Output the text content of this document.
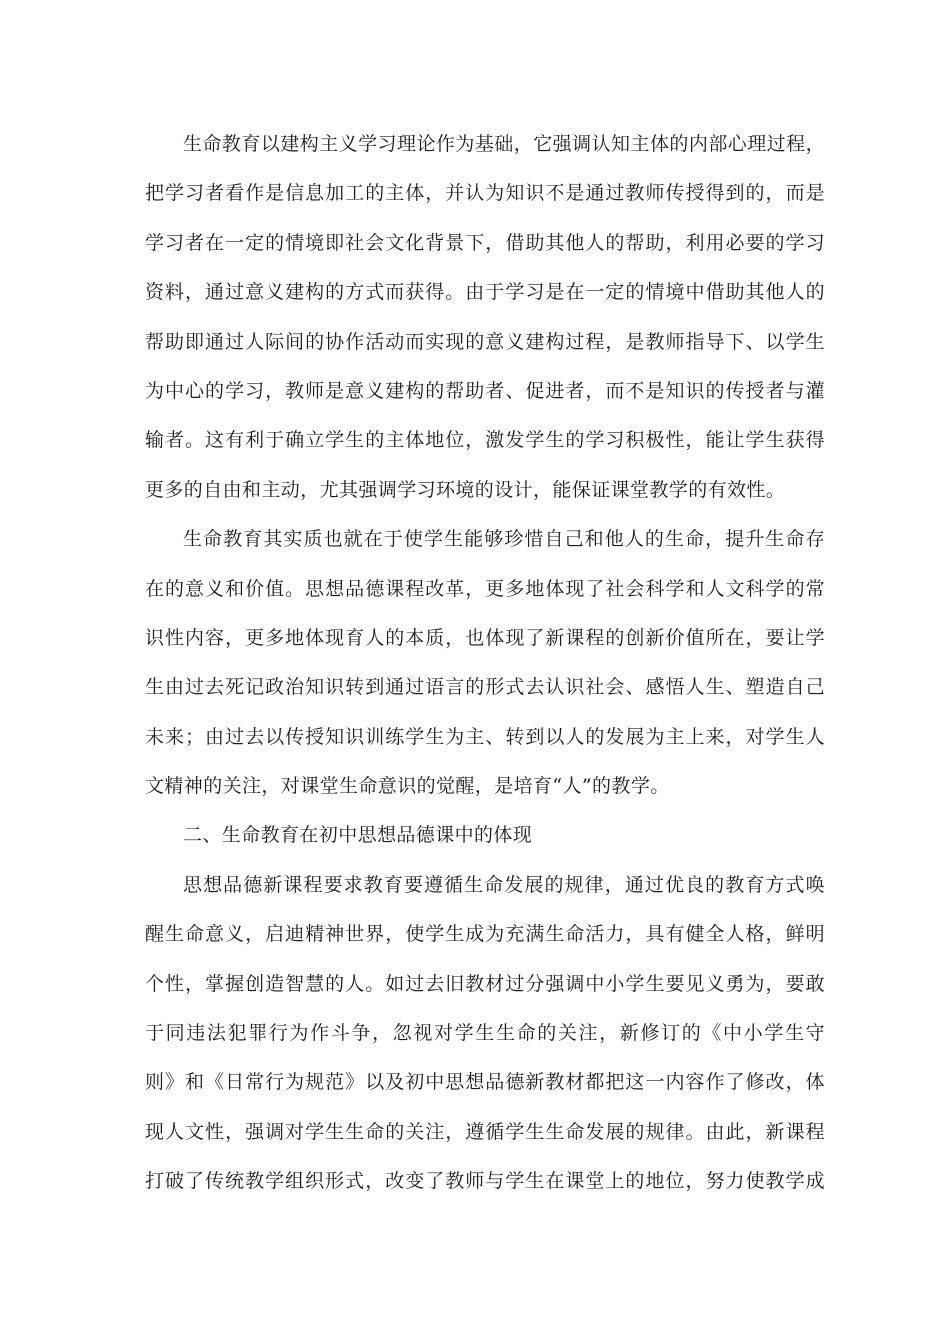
生命教育以建构主义学习理论作为基础，它强调认知主体的内部心理过程，
把学习者看作是信息加工的主体，并认为知识不是通过教师传授得到的，而是
学习者在一定的情境即社会文化背景下，借助其他人的帮助，利用必要的学习
资料，通过意义建构的方式而获得。由于学习是在一定的情境中借助其他人的
帮助即通过人际间的协作活动而实现的意义建构过程，是教师指导下、以学生
为中心的学习，教师是意义建构的帮助者、促进者，而不是知识的传授者与灌
输者。这有利于确立学生的主体地位，激发学生的学习积极性，能让学生获得
更多的自由和主动，尤其强调学习环境的设计，能保证课堂教学的有效性。
生命教育其实质也就在于使学生能够珍惜自己和他人的生命，提升生命存
在的意义和价值。思想品德课程改革，更多地体现了社会科学和人文科学的常
识性内容，更多地体现育人的本质，也体现了新课程的创新价值所在，要让学
生由过去死记政治知识转到通过语言的形式去认识社会、感悟人生、塑造自己
未来；由过去以传授知识训练学生为主、转到以人的发展为主上来，对学生人
文精神的关注，对课堂生命意识的觉醒，是培育“人”的教学。
二、生命教育在初中思想品德课中的体现
思想品德新课程要求教育要遵循生命发展的规律，通过优良的教育方式唤
醒生命意义，启迪精神世界，使学生成为充满生命活力，具有健全人格，鲜明
个性，掌握创造智慧的人。如过去旧教材过分强调中小学生要见义勇为，要敢
于同违法犯罪行为作斗争，忽视对学生生命的关注，新修订的《中小学生守
则》和《日常行为规范》以及初中思想品德新教材都把这一内容作了修改，体
现人文性，强调对学生生命的关注，遵循学生生命发展的规律。由此，新课程
打破了传统教学组织形式，改变了教师与学生在课堂上的地位，努力使教学成
